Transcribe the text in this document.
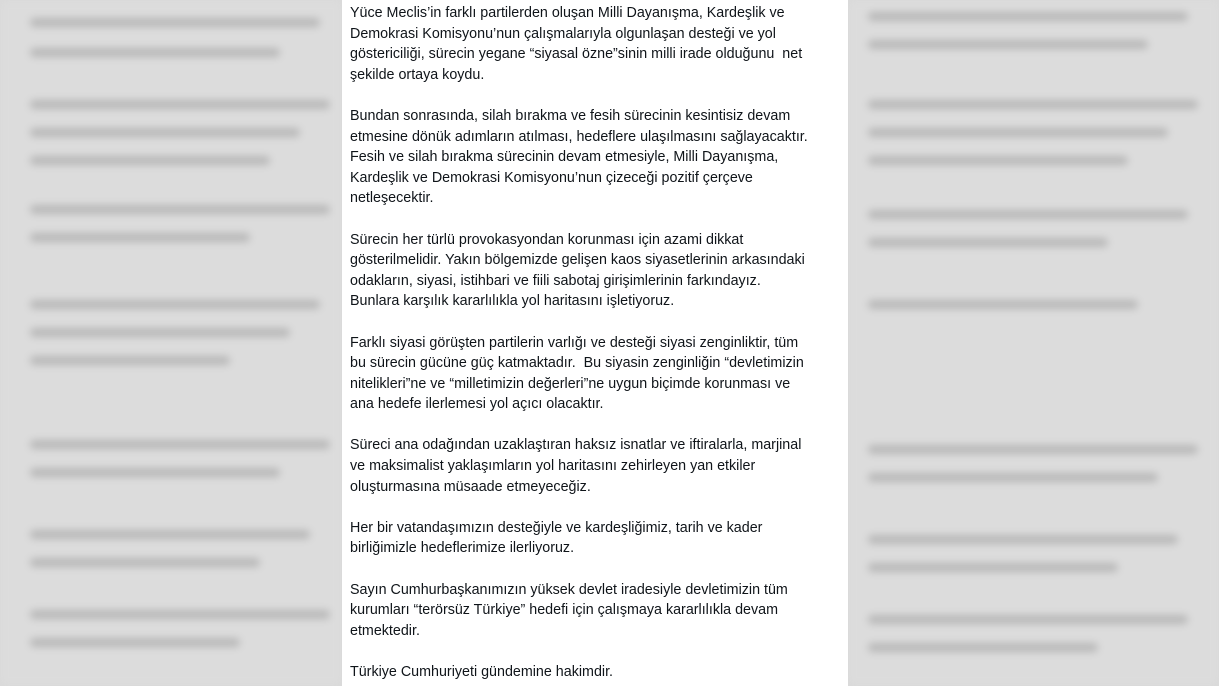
Yüce Meclis’in farklı partilerden oluşan Milli Dayanışma, Kardeşlik ve
Demokrasi Komisyonu’nun çalışmalarıyla olgunlaşan desteği ve yol
göstericiliği, sürecin yegane “siyasal özne”sinin milli irade olduğunu  net
şekilde ortaya koydu.

Bundan sonrasında, silah bırakma ve fesih sürecinin kesintisiz devam
etmesine dönük adımların atılması, hedeflere ulaşılmasını sağlayacaktır.
Fesih ve silah bırakma sürecinin devam etmesiyle, Milli Dayanışma,
Kardeşlik ve Demokrasi Komisyonu’nun çizeceği pozitif çerçeve
netleşecektir.

Sürecin her türlü provokasyondan korunması için azami dikkat
gösterilmelidir. Yakın bölgemizde gelişen kaos siyasetlerinin arkasındaki
odakların, siyasi, istihbari ve fiili sabotaj girişimlerinin farkındayız.
Bunlara karşılık kararlılıkla yol haritasını işletiyoruz.

Farklı siyasi görüşten partilerin varlığı ve desteği siyasi zenginliktir, tüm
bu sürecin gücüne güç katmaktadır.  Bu siyasin zenginliğin “devletimizin
nitelikleri”ne ve “milletimizin değerleri”ne uygun biçimde korunması ve
ana hedefe ilerlemesi yol açıcı olacaktır.

Süreci ana odağından uzaklaştıran haksız isnatlar ve iftiralarla, marjinal
ve maksimalist yaklaşımların yol haritasını zehirleyen yan etkiler
oluşturmasına müsaade etmeyeceğiz.

Her bir vatandaşımızın desteğiyle ve kardeşliğimiz, tarih ve kader
birliğimizle hedeflerimize ilerliyoruz.

Sayın Cumhurbaşkanımızın yüksek devlet iradesiyle devletimizin tüm
kurumları “terörsüz Türkiye” hedefi için çalışmaya kararlılıkla devam
etmektedir.

Türkiye Cumhuriyeti gündemine hakimdir.
